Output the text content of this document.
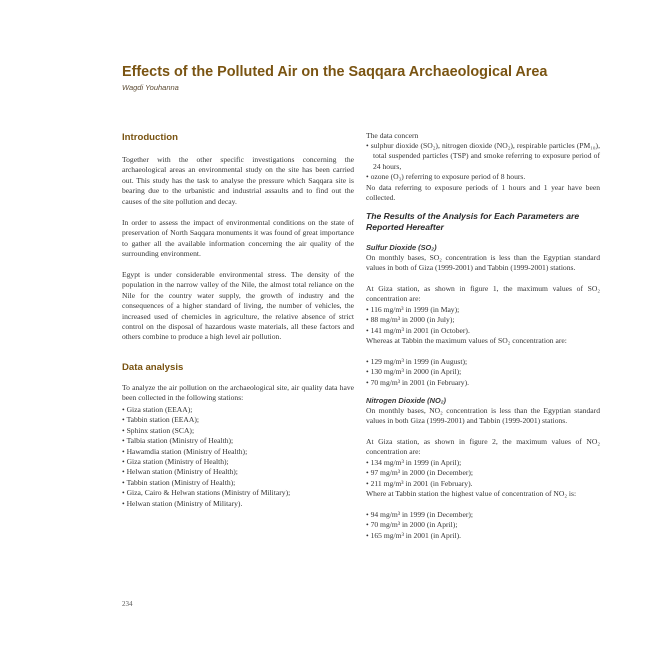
Effects of the Polluted Air on the Saqqara Archaeological Area

Wagdi Youhanna

Introduction

Together with the other specific investigations concerning the archaeological areas an environmental study on the site has been carried out. This study has the task to analyse the pressure which Saqqara site is bearing due to the urbanistic and industrial assaults and to find out the causes of the site pollution and decay.

In order to assess the impact of environmental conditions on the state of preservation of North Saqqara monuments it was found of great importance to gather all the available information concerning the air quality of the surrounding environment.

Egypt is under considerable environmental stress. The density of the population in the narrow valley of the Nile, the almost total reliance on the Nile for the country water supply, the growth of industry and the consequences of a higher standard of living, the number of vehicles, the increased used of chemicles in agriculture, the relative absence of strict control on the disposal of hazardous waste materials, all these factors and others combine to produce a high level air pollution.

Data analysis

To analyze the air pollution on the archaeological site, air quality data have been collected in the following stations:

• Giza station (EEAA);
• Tabbin station (EEAA);
• Sphinx station (SCA);
• Talbia station (Ministry of Health);
• Hawamdia station (Ministry of Health);
• Giza station (Ministry of Health);
• Helwan station (Ministry of Health);
• Tabbin station (Ministry of Health);
• Giza, Cairo & Helwan stations (Ministry of Military);
• Helwan station (Ministry of Military).

The data concern

• sulphur dioxide (SO₂), nitrogen dioxide (NO₂), respirable particles (PM₁₀), total suspended particles (TSP) and smoke referring to exposure period of 24 hours,
• ozone (O₃) referring to exposure period of 8 hours.

No data referring to exposure periods of 1 hours and 1 year have been collected.

The Results of the Analysis for Each Parameters are Reported Hereafter
Sulfur Dioxide (SO₂)

On monthly bases, SO₂ concentration is less than the Egyptian standard values in both of Giza (1999-2001) and Tabbin (1999-2001) stations.

At Giza station, as shown in figure 1, the maximum values of SO₂ concentration are:

• 116 mg/m³ in 1999 (in May);
• 88 mg/m³ in 2000 (in July);
• 141 mg/m³ in 2001 (in October).

Whereas at Tabbin the maximum values of SO₂ concentration are:

• 129 mg/m³ in 1999 (in August);
• 130 mg/m³ in 2000 (in April);
• 70 mg/m³ in 2001 (in February).
Nitrogen Dioxide (NO₂)

On monthly bases, NO₂ concentration is less than the Egyptian standard values in both Giza (1999-2001) and Tabbin (1999-2001) stations.

At Giza station, as shown in figure 2, the maximum values of NO₂ concentration are:

• 134 mg/m³ in 1999 (in April);
• 97 mg/m³ in 2000 (in December);
• 211 mg/m³ in 2001 (in February).

Where at Tabbin station the highest value of concentration of NO₂ is:

• 94 mg/m³ in 1999 (in December);
• 70 mg/m³ in 2000 (in April);
• 165 mg/m³ in 2001 (in April).

234
